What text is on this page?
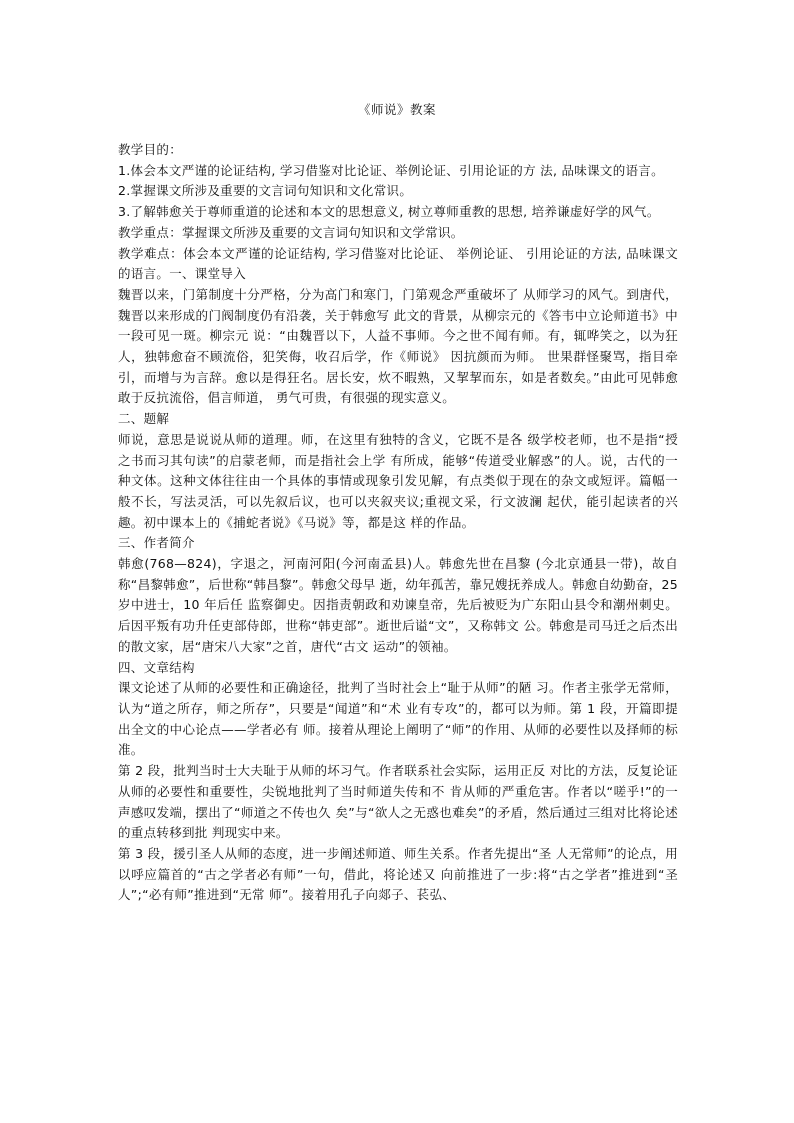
《师说》教案

教学目的：

1.体会本文严谨的论证结构, 学习借鉴对比论证、举例论证、引用论证的方 法, 品味课文的语言。

2.掌握课文所涉及重要的文言词句知识和文化常识。

3.了解韩愈关于尊师重道的论述和本文的思想意义, 树立尊师重教的思想, 培养谦虚好学的风气。

教学重点：掌握课文所涉及重要的文言词句知识和文学常识。

教学难点：体会本文严谨的论证结构, 学习借鉴对比论证、 举例论证、 引用论证的方法, 品味课文的语言。一、课堂导入

魏晋以来，门第制度十分严格，分为高门和寒门，门第观念严重破坏了 从师学习的风气。到唐代，魏晋以来形成的门阀制度仍有沿袭，关于韩愈写 此文的背景，从柳宗元的《答韦中立论师道书》中一段可见一斑。柳宗元 说：“由魏晋以下，人益不事师。今之世不闻有师。有，辄哗笑之，以为狂 人，独韩愈奋不顾流俗，犯笑侮，收召后学，作《师说》 因抗颜而为师。 世果群怪聚骂，指目牵引，而增与为言辞。愈以是得狂名。居长安，炊不暇熟，又挈挈而东，如是者数矣。”由此可见韩愈敢于反抗流俗，倡言师道， 勇气可贵，有很强的现实意义。

二、题解

师说，意思是说说从师的道理。师，在这里有独特的含义，它既不是各 级学校老师，也不是指“授之书而习其句读”的启蒙老师，而是指社会上学 有所成，能够“传道受业解惑”的人。说，古代的一种文体。这种文体往往由一个具体的事情或现象引发见解，有点类似于现在的杂文或短评。篇幅一 般不长，写法灵活，可以先叙后议，也可以夹叙夹议;重视文采，行文波澜 起伏，能引起读者的兴趣。初中课本上的《捕蛇者说》《马说》等，都是这 样的作品。

三、作者简介

韩愈(768—824)，字退之，河南河阳(今河南孟县)人。韩愈先世在昌黎 (今北京通县一带)，故自称“昌黎韩愈”，后世称“韩昌黎”。韩愈父母早 逝，幼年孤苦，靠兄嫂抚养成人。韩愈自幼勤奋，25 岁中进士，10 年后任 监察御史。因指责朝政和劝谏皇帝，先后被贬为广东阳山县令和潮州刺史。 后因平叛有功升任吏部侍郎，世称“韩吏部”。逝世后谥“文”，又称韩文 公。韩愈是司马迁之后杰出的散文家，居“唐宋八大家”之首，唐代“古文 运动”的领袖。

四、文章结构

课文论述了从师的必要性和正确途径，批判了当时社会上“耻于从师”的陋 习。作者主张学无常师，认为“道之所存，师之所存”，只要是“闻道”和“术 业有专攻”的，都可以为师。第 1 段，开篇即提出全文的中心论点——学者必有 师。接着从理论上阐明了“师”的作用、从师的必要性以及择师的标准。

第 2 段，批判当时士大夫耻于从师的坏习气。作者联系社会实际，运用正反 对比的方法，反复论证从师的必要性和重要性，尖锐地批判了当时师道失传和不 肯从师的严重危害。作者以“嗟乎!”的一声感叹发端，摆出了“师道之不传也久 矣”与“欲人之无惑也难矣”的矛盾，然后通过三组对比将论述的重点转移到批 判现实中来。

第 3 段，援引圣人从师的态度，进一步阐述师道、师生关系。作者先提出“圣 人无常师”的论点，用以呼应篇首的“古之学者必有师”一句，借此，将论述又 向前推进了一步:将“古之学者”推进到“圣人”;“必有师”推进到“无常 师”。接着用孔子向郯子、苌弘、
